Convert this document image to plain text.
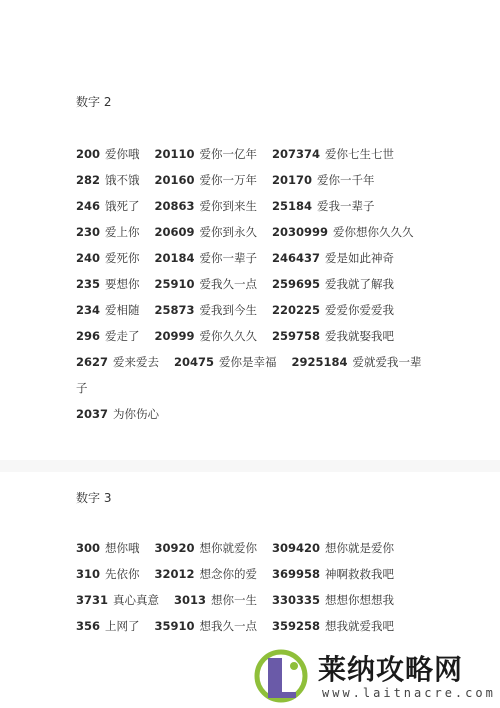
数字 2
200 爱你哦 20110 爱你一亿年 207374 爱你七生七世
282 饿不饿 20160 爱你一万年 20170 爱你一千年
246 饿死了 20863 爱你到来生 25184 爱我一辈子
230 爱上你 20609 爱你到永久 2030999 爱你想你久久久
240 爱死你 20184 爱你一辈子 246437 爱是如此神奇
235 要想你 25910 爱我久一点 259695 爱我就了解我
234 爱相随 25873 爱我到今生 220225 爱爱你爱爱我
296 爱走了 20999 爱你久久久 259758 爱我就娶我吧
2627 爱来爱去 20475 爱你是幸福 2925184 爱就爱我一辈
子
2037 为你伤心
数字 3
300 想你哦 30920 想你就爱你 309420 想你就是爱你
310 先依你 32012 想念你的爱 369958 神啊救救我吧
3731 真心真意 3013 想你一生 330335 想想你想想我
356 上网了 35910 想我久一点 359258 想我就爱我吧
莱纳攻略网
www.laitnacre.com
